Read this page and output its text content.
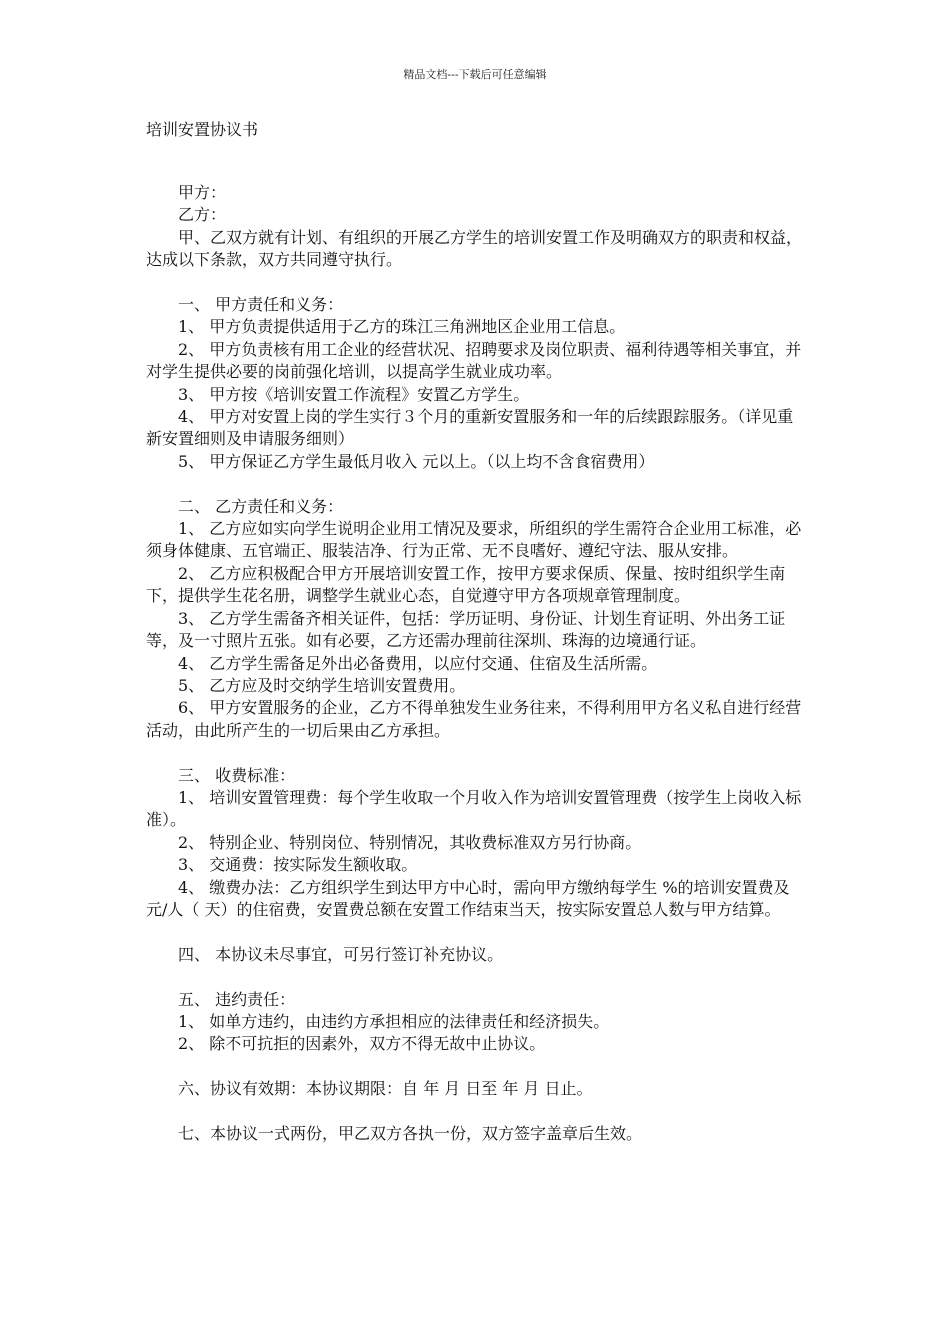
精品文档---下载后可任意编辑
培训安置协议书

甲方：

乙方：

甲、乙双方就有计划、有组织的开展乙方学生的培训安置工作及明确双方的职责和权益，达成以下条款，双方共同遵守执行。

一、 甲方责任和义务：

1、 甲方负责提供适用于乙方的珠江三角洲地区企业用工信息。

2、 甲方负责核有用工企业的经营状况、招聘要求及岗位职责、福利待遇等相关事宜，并对学生提供必要的岗前强化培训，以提高学生就业成功率。

3、 甲方按《培训安置工作流程》安置乙方学生。

4、 甲方对安置上岗的学生实行３个月的重新安置服务和一年的后续跟踪服务。（详见重新安置细则及申请服务细则）

5、 甲方保证乙方学生最低月收入 元以上。（以上均不含食宿费用）

二、 乙方责任和义务：

1、 乙方应如实向学生说明企业用工情况及要求，所组织的学生需符合企业用工标准，必须身体健康、五官端正、服装洁净、行为正常、无不良嗜好、遵纪守法、服从安排。

2、 乙方应积极配合甲方开展培训安置工作，按甲方要求保质、保量、按时组织学生南下，提供学生花名册，调整学生就业心态，自觉遵守甲方各项规章管理制度。

3、 乙方学生需备齐相关证件，包括：学历证明、身份证、计划生育证明、外出务工证等，及一寸照片五张。如有必要，乙方还需办理前往深圳、珠海的边境通行证。

4、 乙方学生需备足外出必备费用，以应付交通、住宿及生活所需。

5、 乙方应及时交纳学生培训安置费用。

6、 甲方安置服务的企业，乙方不得单独发生业务往来，不得利用甲方名义私自进行经营活动，由此所产生的一切后果由乙方承担。

三、 收费标准：

1、 培训安置管理费：每个学生收取一个月收入作为培训安置管理费（按学生上岗收入标准）。

2、 特别企业、特别岗位、特别情况，其收费标准双方另行协商。

3、 交通费：按实际发生额收取。

4、 缴费办法：乙方组织学生到达甲方中心时，需向甲方缴纳每学生 %的培训安置费及 元/人（ 天）的住宿费，安置费总额在安置工作结束当天，按实际安置总人数与甲方结算。

四、 本协议未尽事宜，可另行签订补充协议。

五、 违约责任：

1、 如单方违约，由违约方承担相应的法律责任和经济损失。

2、 除不可抗拒的因素外，双方不得无故中止协议。

六、协议有效期：本协议期限：自 年 月 日至 年 月 日止。

七、本协议一式两份，甲乙双方各执一份，双方签字盖章后生效。
